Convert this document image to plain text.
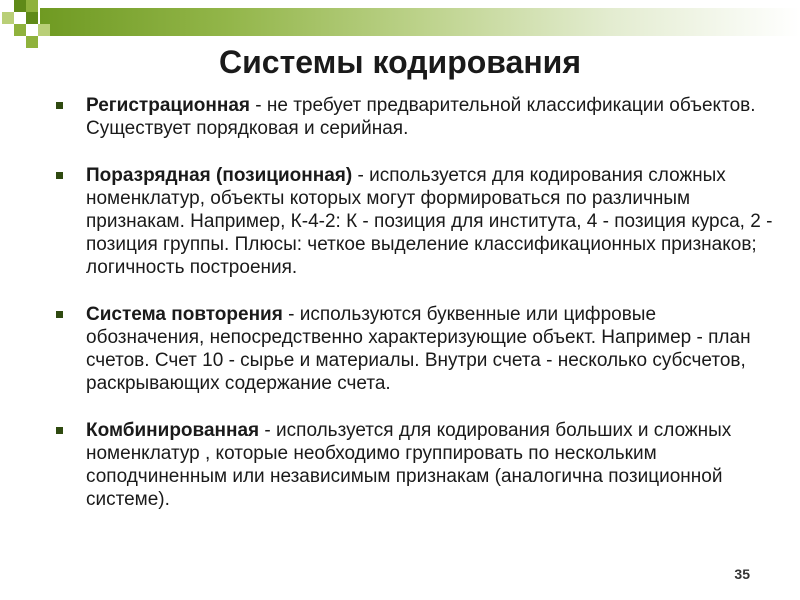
Системы кодирования
Регистрационная - не требует предварительной классификации объектов. Существует порядковая и серийная.
Поразрядная (позиционная) - используется для кодирования сложных номенклатур, объекты которых могут формироваться по различным признакам. Например, К-4-2: К - позиция для института, 4 - позиция курса, 2 - позиция группы. Плюсы: четкое выделение классификационных признаков; логичность построения.
Система повторения - используются буквенные или цифровые обозначения, непосредственно характеризующие объект. Например - план счетов. Счет 10 - сырье и материалы. Внутри счета - несколько субсчетов, раскрывающих содержание счета.
Комбинированная - используется для кодирования больших и сложных номенклатур , которые необходимо группировать по нескольким соподчиненным или независимым признакам (аналогична позиционной системе).
35
